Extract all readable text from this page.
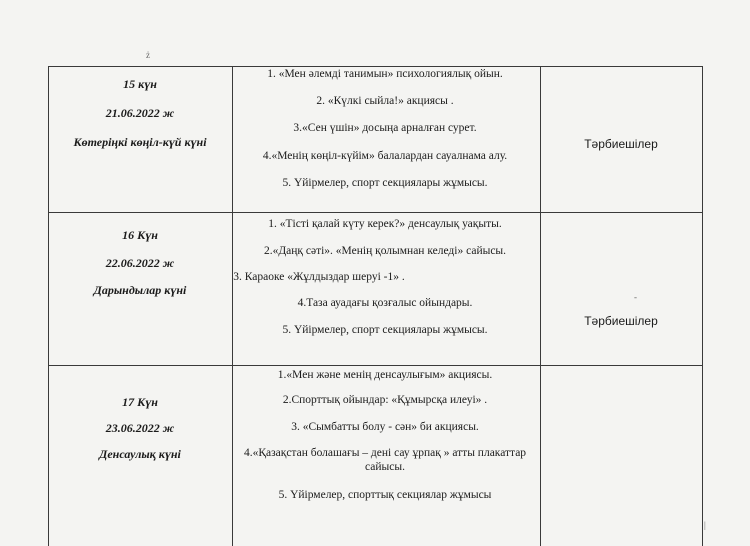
ż
-
|
15 күн
21.06.2022 ж
Көтеріңкі көңіл-күй күні
1. «Мен әлемді танимын» психологиялық ойын.
2. «Күлкі сыйла!» акциясы .
3.«Сен үшін» досыңа арналған сурет.
4.«Менің көңіл-күйім» балалардан сауалнама алу.
5. Үйірмелер, спорт секциялары жұмысы.
Тәрбиешілер
16 Күн
22.06.2022 ж
Дарындылар күні
1. «Тісті қалай күту керек?» денсаулық уақыты.
2.«Даңқ сәті». «Менің қолымнан келеді» сайысы.
3. Караоке «Жұлдыздар шеруі -1» .
4.Таза ауадағы қозғалыс ойындары.
5. Үйірмелер, спорт секциялары жұмысы.
Тәрбиешілер
17 Күн
23.06.2022 ж
Денсаулық күні
1.«Мен және менің денсаулығым» акциясы.
2.Спорттық ойындар: «Құмырсқа илеуі» .
3. «Сымбатты болу - сән» би акциясы.
4.«Қазақстан болашағы – дені сау ұрпақ » атты плакаттар сайысы.
5. Үйірмелер, спорттық секциялар жұмысы
